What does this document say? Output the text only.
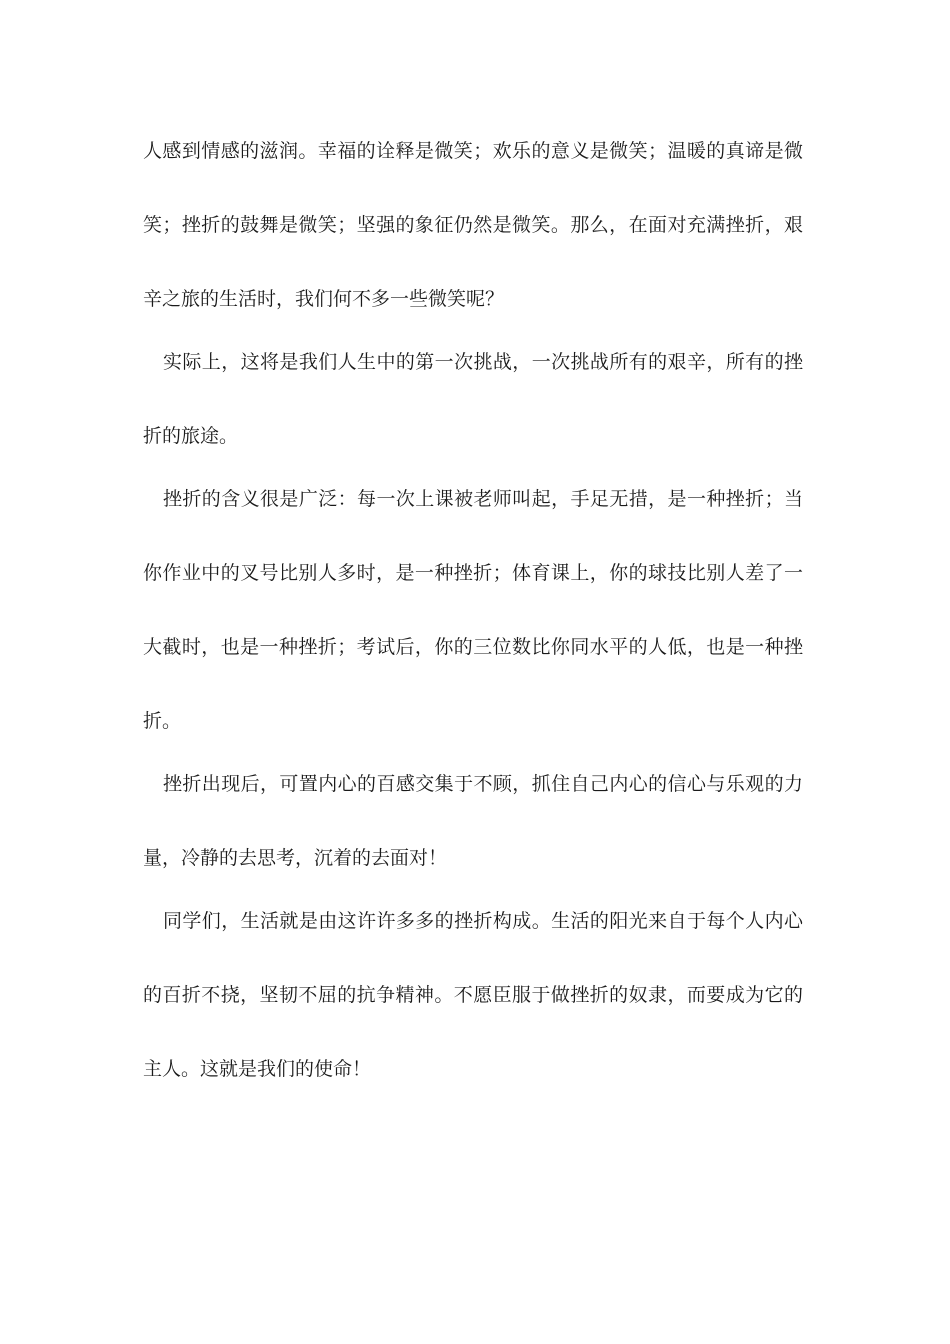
人感到情感的滋润。幸福的诠释是微笑；欢乐的意义是微笑；温暖的真谛是微

笑；挫折的鼓舞是微笑；坚强的象征仍然是微笑。那么，在面对充满挫折，艰

辛之旅的生活时，我们何不多一些微笑呢？

实际上，这将是我们人生中的第一次挑战，一次挑战所有的艰辛，所有的挫

折的旅途。

挫折的含义很是广泛：每一次上课被老师叫起，手足无措，是一种挫折；当

你作业中的叉号比别人多时，是一种挫折；体育课上，你的球技比别人差了一

大截时，也是一种挫折；考试后，你的三位数比你同水平的人低，也是一种挫

折。

挫折出现后，可置内心的百感交集于不顾，抓住自己内心的信心与乐观的力

量，冷静的去思考，沉着的去面对！

同学们，生活就是由这许许多多的挫折构成。生活的阳光来自于每个人内心

的百折不挠，坚韧不屈的抗争精神。不愿臣服于做挫折的奴隶，而要成为它的

主人。这就是我们的使命！
